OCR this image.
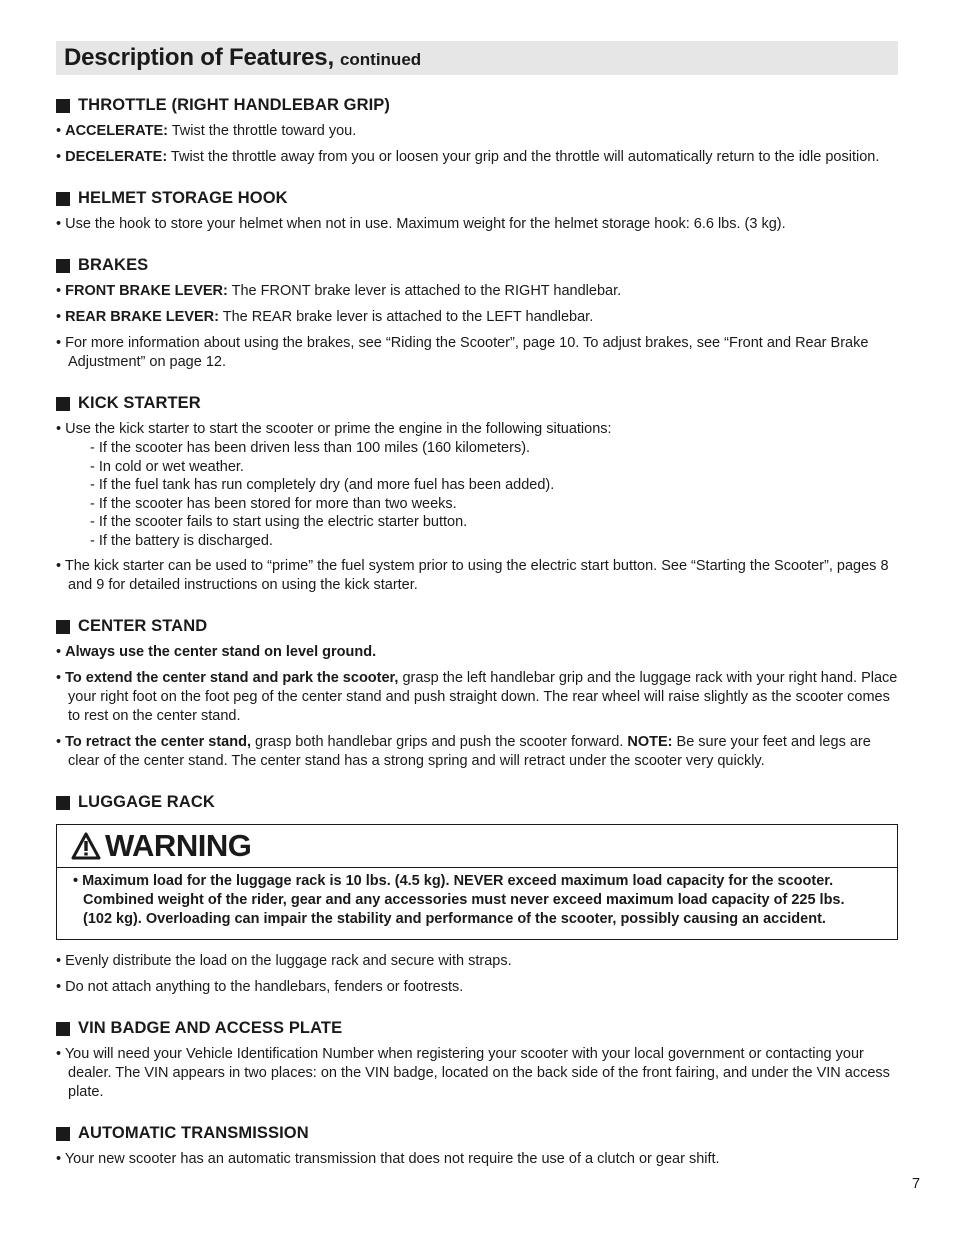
Description of Features, continued
THROTTLE (RIGHT HANDLEBAR GRIP)

• ACCELERATE: Twist the throttle toward you.

• DECELERATE: Twist the throttle away from you or loosen your grip and the throttle will automatically return to the idle position.

HELMET STORAGE HOOK

• Use the hook to store your helmet when not in use. Maximum weight for the helmet storage hook: 6.6 lbs. (3 kg).

BRAKES

• FRONT BRAKE LEVER: The FRONT brake lever is attached to the RIGHT handlebar.

• REAR BRAKE LEVER: The REAR brake lever is attached to the LEFT handlebar.

• For more information about using the brakes, see “Riding the Scooter”, page 10. To adjust brakes, see “Front and Rear Brake Adjustment” on page 12.

KICK STARTER

• Use the kick starter to start the scooter or prime the engine in the following situations:

- If the scooter has been driven less than 100 miles (160 kilometers).
- In cold or wet weather.
- If the fuel tank has run completely dry (and more fuel has been added).
- If the scooter has been stored for more than two weeks.
- If the scooter fails to start using the electric starter button.
- If the battery is discharged.

• The kick starter can be used to “prime” the fuel system prior to using the electric start button. See “Starting the Scooter”, pages 8 and 9 for detailed instructions on using the kick starter.

CENTER STAND

• Always use the center stand on level ground.

• To extend the center stand and park the scooter, grasp the left handlebar grip and the luggage rack with your right hand. Place your right foot on the foot peg of the center stand and push straight down. The rear wheel will raise slightly as the scooter comes to rest on the center stand.

• To retract the center stand, grasp both handlebar grips and push the scooter forward. NOTE: Be sure your feet and legs are clear of the center stand. The center stand has a strong spring and will retract under the scooter very quickly.

LUGGAGE RACK
WARNING
• Maximum load for the luggage rack is 10 lbs. (4.5 kg). NEVER exceed maximum load capacity for the scooter. Combined weight of the rider, gear and any accessories must never exceed maximum load capacity of 225 lbs. (102 kg). Overloading can impair the stability and performance of the scooter, possibly causing an accident.

• Evenly distribute the load on the luggage rack and secure with straps.

• Do not attach anything to the handlebars, fenders or footrests.

VIN BADGE AND ACCESS PLATE

• You will need your Vehicle Identification Number when registering your scooter with your local government or contacting your dealer. The VIN appears in two places: on the VIN badge, located on the back side of the front fairing, and under the VIN access plate.

AUTOMATIC TRANSMISSION

• Your new scooter has an automatic transmission that does not require the use of a clutch or gear shift.

7
